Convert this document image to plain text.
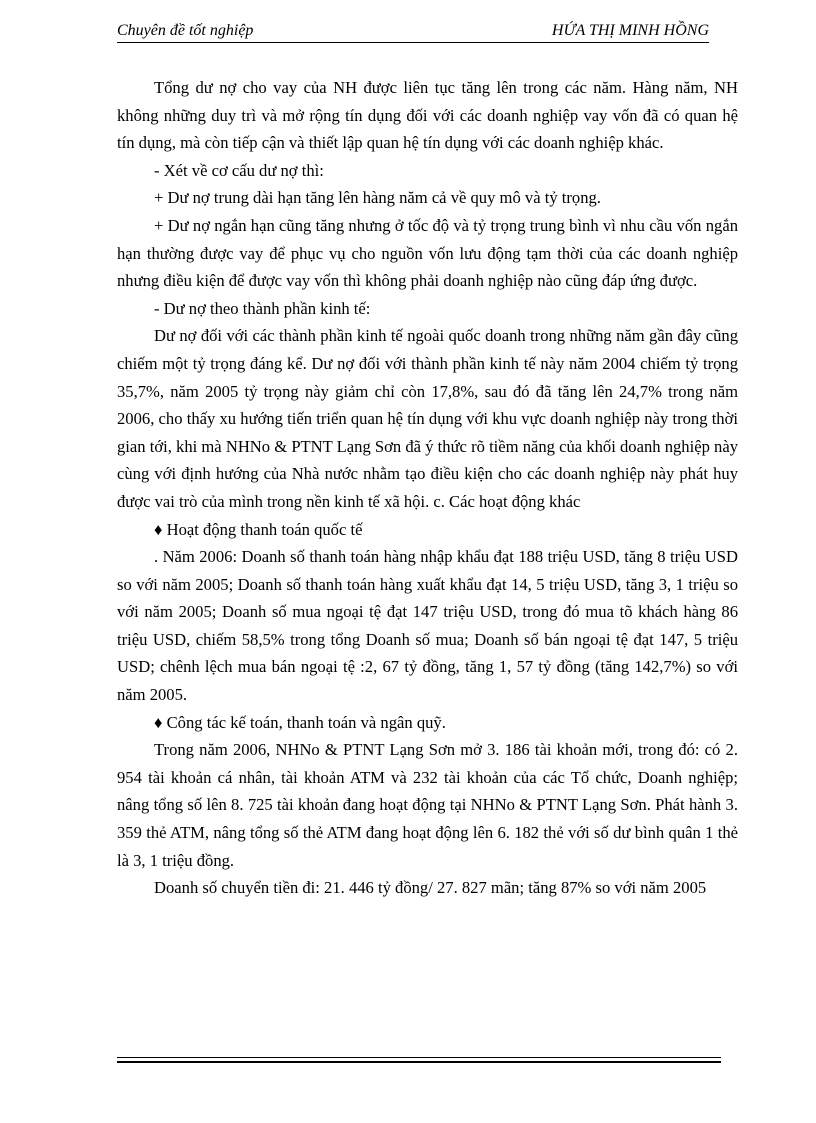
Chuyên đề tốt nghiệp	HỨA THỊ MINH HỒNG

Tổng dư nợ cho vay của NH được liên tục tăng lên trong các năm. Hàng năm, NH không những duy trì và mở rộng tín dụng đối với các doanh nghiệp vay vốn đã có quan hệ tín dụng, mà còn tiếp cận và thiết lập quan hệ tín dụng với các doanh nghiệp khác.

- Xét về cơ cấu dư nợ thì:

+ Dư nợ trung dài hạn tăng lên hàng năm cả về quy mô và tỷ trọng.

+ Dư nợ ngắn hạn cũng tăng nhưng ở tốc độ và tỷ trọng trung bình vì nhu cầu vốn ngắn hạn thường được vay để phục vụ cho nguồn vốn lưu động tạm thời của các doanh nghiệp nhưng điều kiện để được vay vốn thì không phải doanh nghiệp nào cũng đáp ứng được.

- Dư nợ theo thành phần kinh tế:

Dư nợ đối với các thành phần kinh tế ngoài quốc doanh trong những năm gần đây cũng chiếm một tỷ trọng đáng kể. Dư nợ đối với thành phần kinh tế này năm 2004 chiếm tỷ trọng 35,7%, năm 2005 tỷ trọng này giảm chỉ còn 17,8%, sau đó đã tăng lên 24,7% trong năm 2006, cho thấy xu hướng tiến triển quan hệ tín dụng với khu vực doanh nghiệp này trong thời gian tới, khi mà NHNo & PTNT Lạng Sơn đã ý thức rõ tiềm năng của khối doanh nghiệp này cùng với định hướng của Nhà nước nhằm tạo điều kiện cho các doanh nghiệp này phát huy được vai trò của mình trong nền kinh tế xã hội. c. Các hoạt động khác

♦ Hoạt động thanh toán quốc tế

. Năm 2006: Doanh số thanh toán hàng nhập khẩu đạt 188 triệu USD, tăng 8 triệu USD so với năm 2005; Doanh số thanh toán hàng xuất khẩu đạt 14, 5 triệu USD, tăng 3, 1 triệu so với năm 2005; Doanh số mua ngoại tệ đạt 147 triệu USD, trong đó mua tõ khách hàng 86 triệu USD, chiếm 58,5% trong tổng Doanh số mua; Doanh số bán ngoại tệ đạt 147, 5 triệu USD; chênh lệch mua bán ngoại tệ :2, 67 tỷ đồng, tăng 1, 57 tỷ đồng (tăng 142,7%) so với năm 2005.

♦ Công tác kế toán, thanh toán và ngân quỹ.

Trong năm 2006, NHNo & PTNT Lạng Sơn mở 3. 186 tài khoản mới, trong đó: có 2. 954 tài khoản cá nhân, tài khoản ATM và 232 tài khoản của các Tổ chức, Doanh nghiệp; nâng tổng số lên 8. 725 tài khoản đang hoạt động tại NHNo & PTNT Lạng Sơn. Phát hành 3. 359 thẻ ATM, nâng tổng số thẻ ATM đang hoạt động lên 6. 182 thẻ với số dư bình quân 1 thẻ là 3, 1 triệu đồng.

Doanh số chuyển tiền đi: 21. 446 tỷ đồng/ 27. 827 mãn; tăng 87% so với năm 2005
